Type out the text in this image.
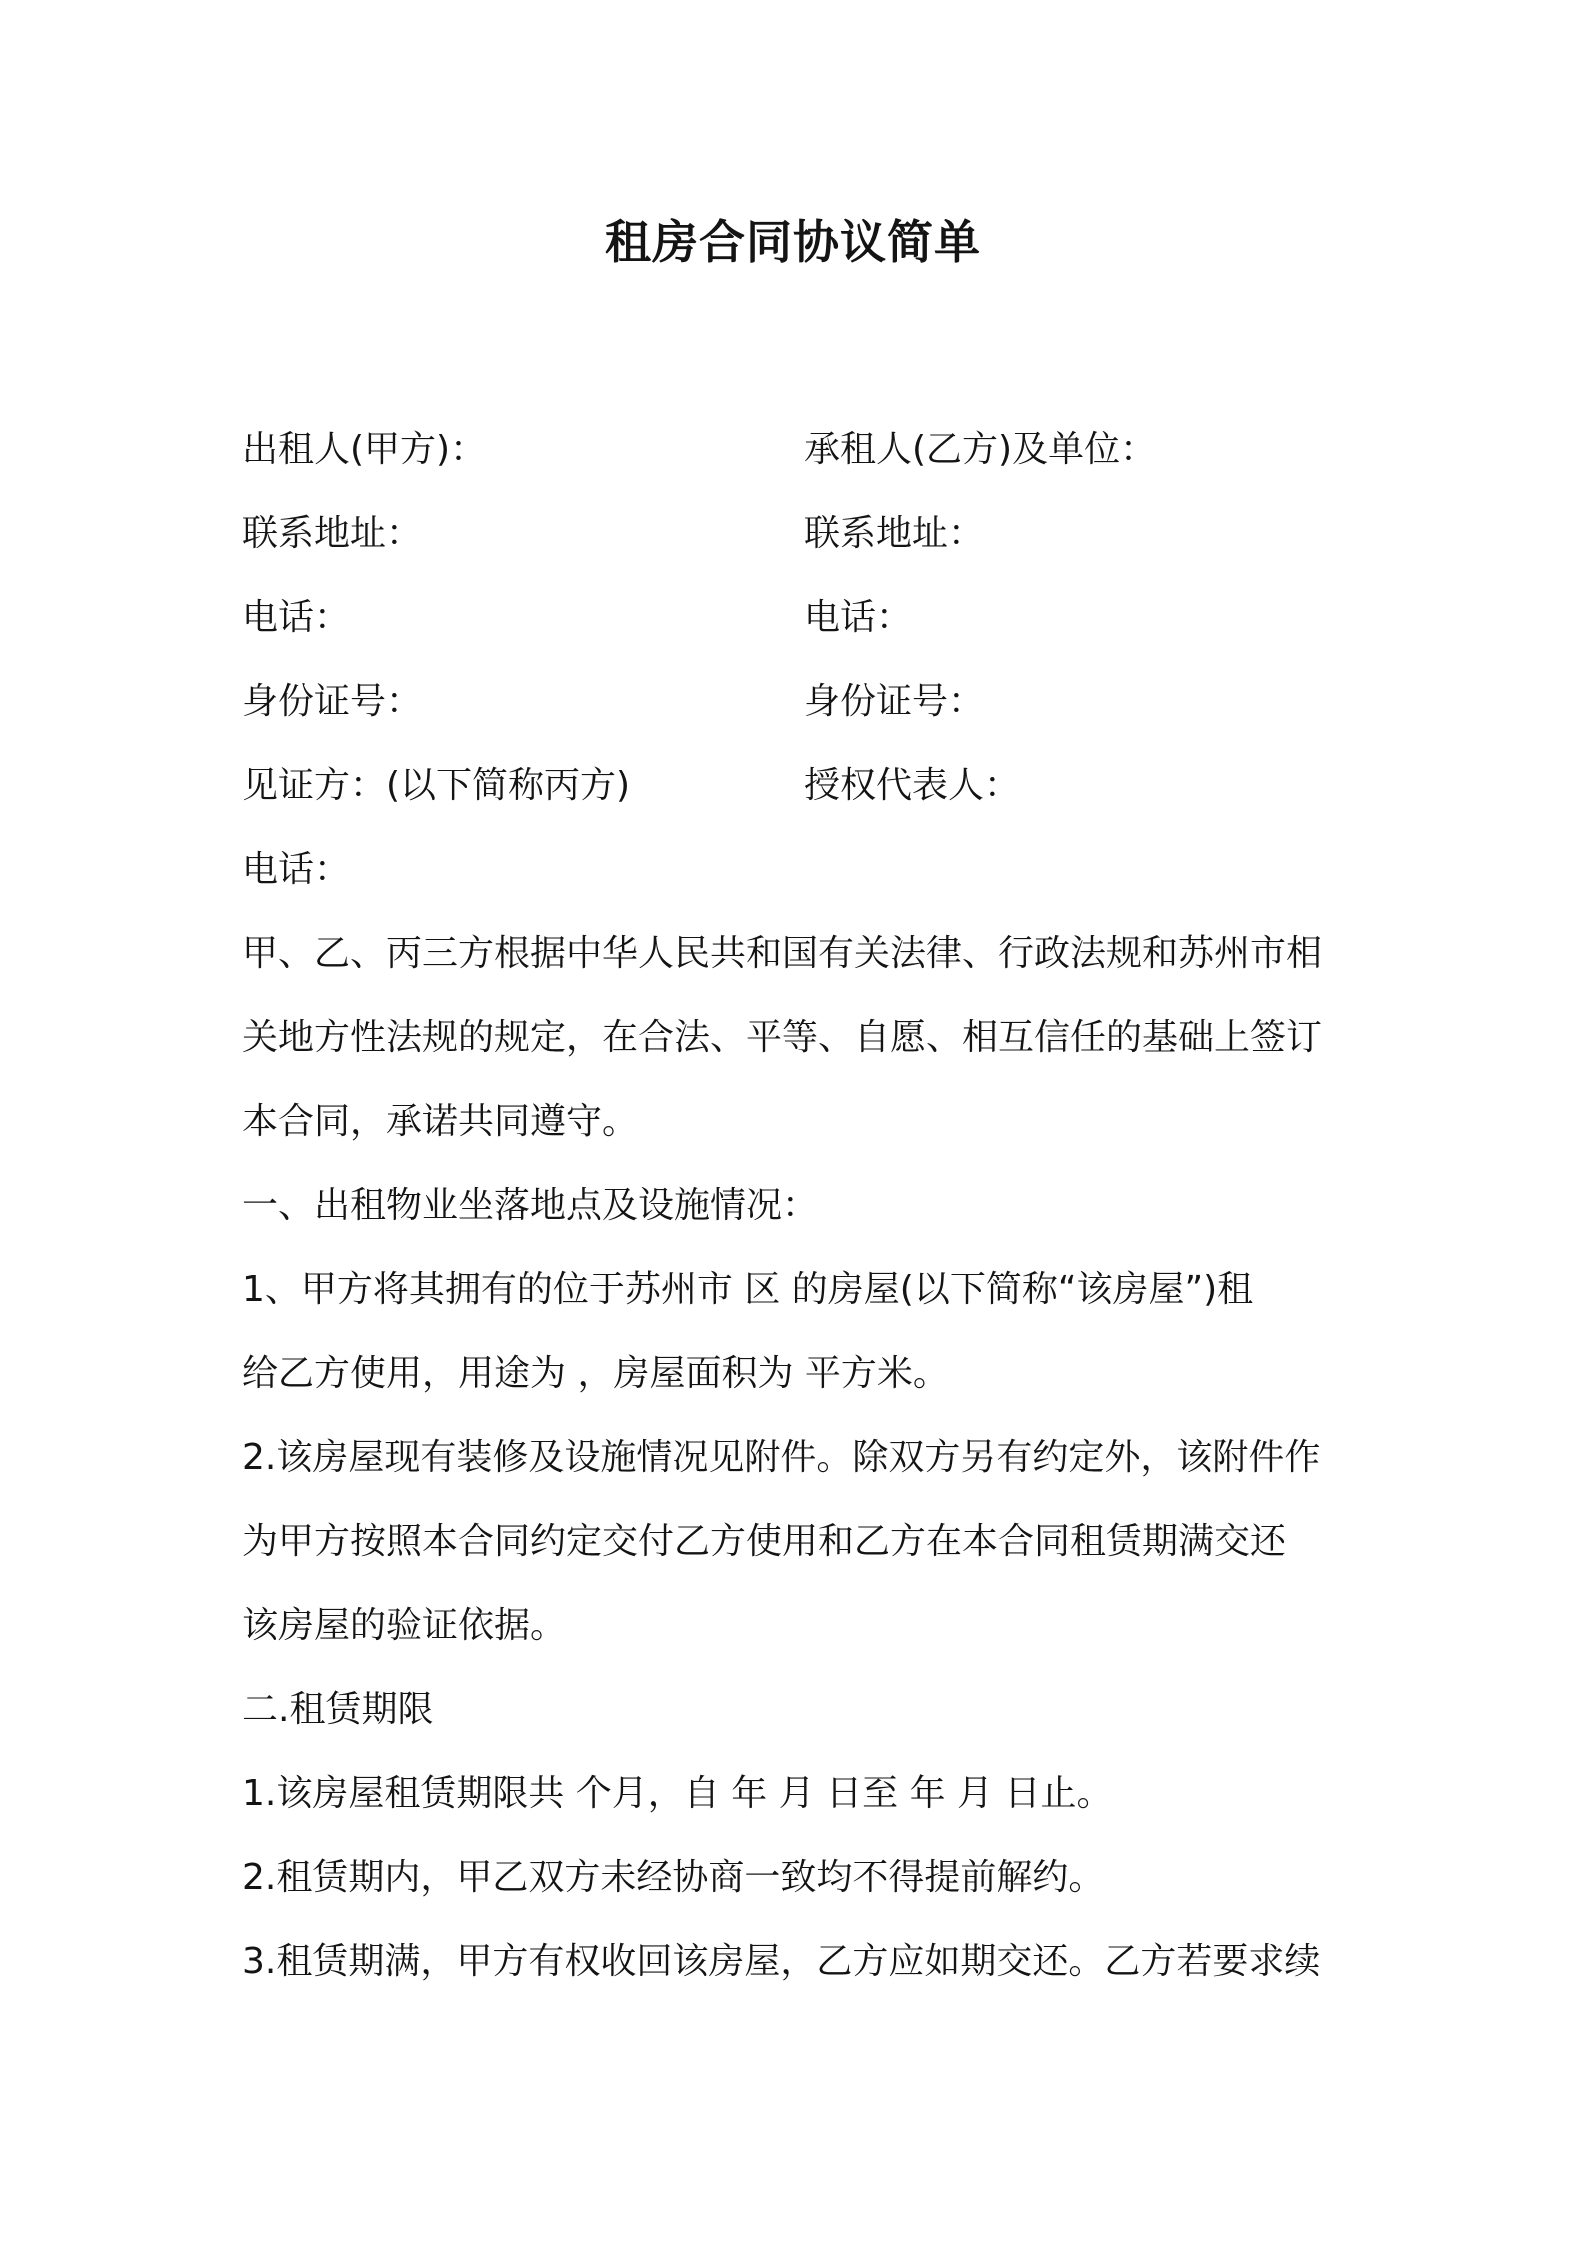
租房合同协议简单
出租人(甲方)：	承租人(乙方)及单位：
联系地址：	联系地址：
电话：	电话：
身份证号：	身份证号：
见证方：(以下简称丙方)	授权代表人：
电话：
甲、乙、丙三方根据中华人民共和国有关法律、行政法规和苏州市相
关地方性法规的规定，在合法、平等、自愿、相互信任的基础上签订
本合同，承诺共同遵守。
一、出租物业坐落地点及设施情况：
1、甲方将其拥有的位于苏州市 区 的房屋(以下简称“该房屋”)租
给乙方使用，用途为 ，房屋面积为 平方米。
2.该房屋现有装修及设施情况见附件。除双方另有约定外，该附件作
为甲方按照本合同约定交付乙方使用和乙方在本合同租赁期满交还
该房屋的验证依据。
二.租赁期限
1.该房屋租赁期限共 个月，自 年 月 日至 年 月 日止。
2.租赁期内，甲乙双方未经协商一致均不得提前解约。
3.租赁期满，甲方有权收回该房屋，乙方应如期交还。乙方若要求续
